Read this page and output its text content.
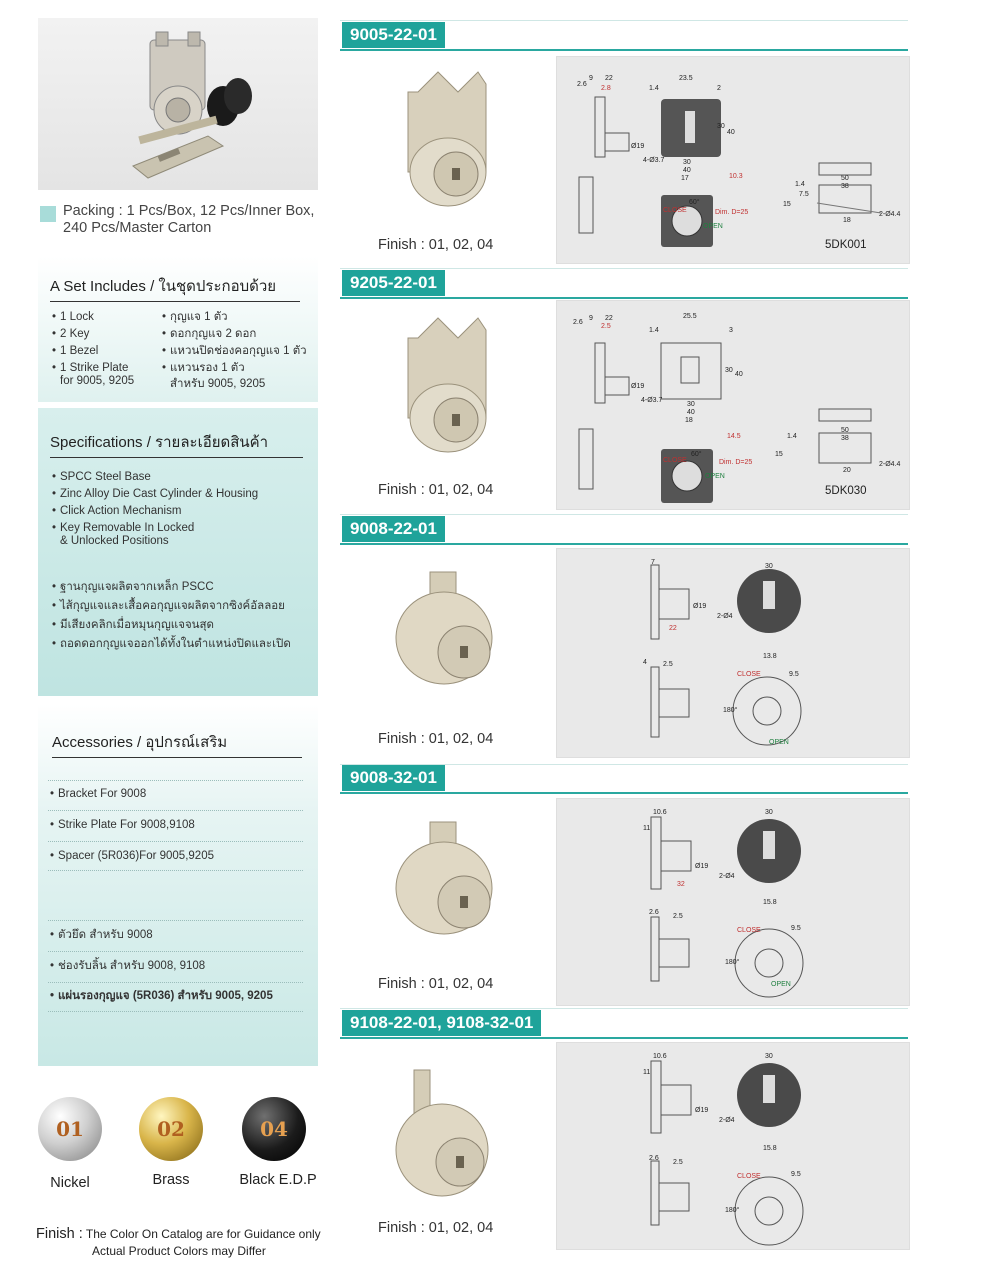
Packing : 1 Pcs/Box, 12 Pcs/Inner Box, 240 Pcs/Master Carton
A Set Includes / ในชุดประกอบด้วย
• 1 Lock
• 2 Key
• 1 Bezel
• 1 Strike Plate
for 9005, 9205
• กุญแจ 1 ตัว
• ดอกกุญแจ 2 ดอก
• แหวนปิดช่องคอกุญแจ 1 ตัว
• แหวนรอง 1 ตัว
สำหรับ 9005, 9205
Specifications / รายละเอียดสินค้า
• SPCC Steel Base
• Zinc Alloy Die Cast Cylinder & Housing
• Click Action Mechanism
• Key Removable In Locked
& Unlocked Positions
• ฐานกุญแจผลิตจากเหล็ก PSCC
• ไส้กุญแจและเสื้อคอกุญแจผลิตจากซิงค์อัลลอย
• มีเสียงคลิกเมื่อหมุนกุญแจจนสุด
• ถอดดอกกุญแจออกได้ทั้งในตำแหน่งปิดและเปิด
Accessories / อุปกรณ์เสริม
• Bracket For 9008
• Strike Plate For 9008,9108
• Spacer (5R036)For 9005,9205
• ตัวยึด สำหรับ 9008
• ช่องรับลิ้น สำหรับ 9008, 9108
• แผ่นรองกุญแจ (5R036) สำหรับ 9005, 9205
01	02	04
Nickel	Brass	Black E.D.P
Finish : The Color On Catalog are for Guidance only
Actual Product Colors may Differ
9005-22-01
9205-22-01
9008-22-01
9008-32-01
9108-22-01, 9108-32-01
Finish : 01, 02, 04
Finish : 01, 02, 04
Finish : 01, 02, 04
Finish : 01, 02, 04
Finish : 01, 02, 04
2.6
9 22
2.8
23.5
1.4	2
30
40
30
40
Ø19
4-Ø3.7
17	10.3
CLOSE
60°
OPEN
Dim. D=25
1.4
50
38
7.5
15
18
2-Ø4.4
5DK001
2.6
9 22
2.5
25.5
1.4	3
30
40
30
40
Ø19
4-Ø3.7
18
14.5
CLOSE
60°
OPEN
Dim. D=25
1.4
50
38
15
20
2-Ø4.4
5DK030
7
30
Ø19
2-Ø4
22
4 2.5
13.8
CLOSE	9.5
180°
OPEN
10.6
11
30
Ø19
2-Ø4
32
2.6
2.5
15.8
CLOSE	9.5
180°
OPEN
10.6
11
30
Ø19
2-Ø4
2.6
2.5
15.8
CLOSE	9.5
180°
